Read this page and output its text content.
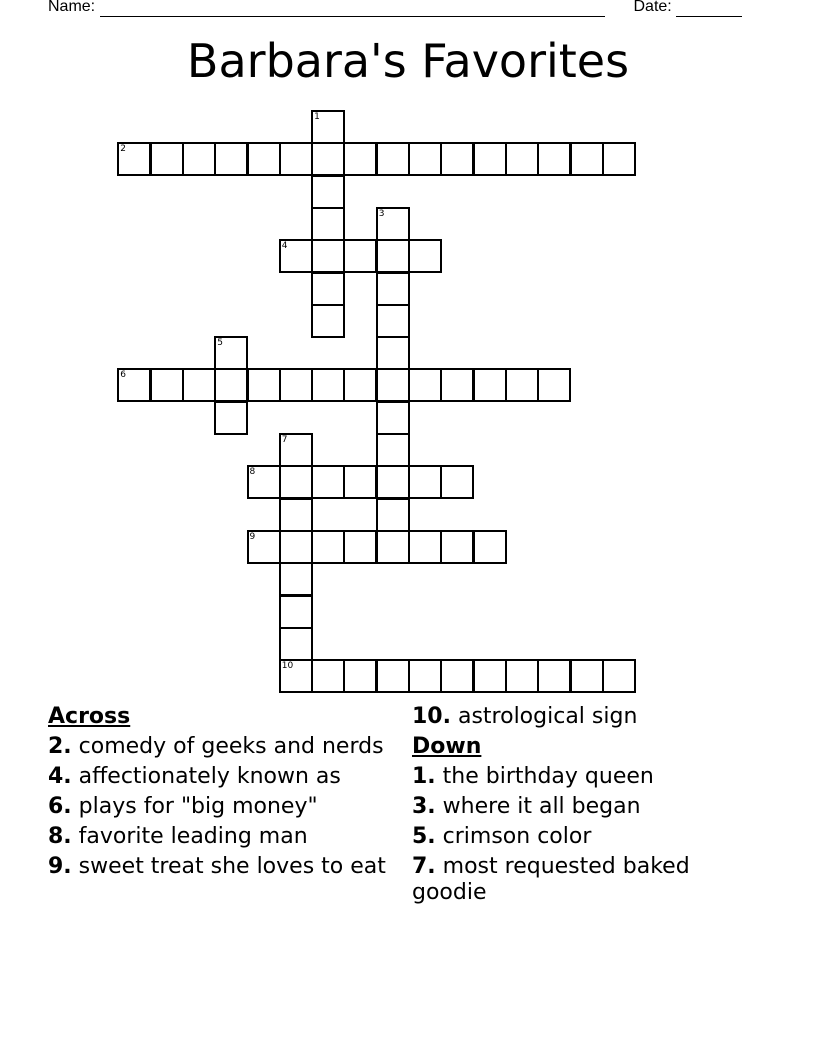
Name:	Date:
Barbara's Favorites
1
2
3
4
5
6
7
8
9
10
Across
2. comedy of geeks and nerds
4. affectionately known as
6. plays for "big money"
8. favorite leading man
9. sweet treat she loves to eat
10. astrological sign
Down
1. the birthday queen
3. where it all began
5. crimson color
7. most requested baked goodie
